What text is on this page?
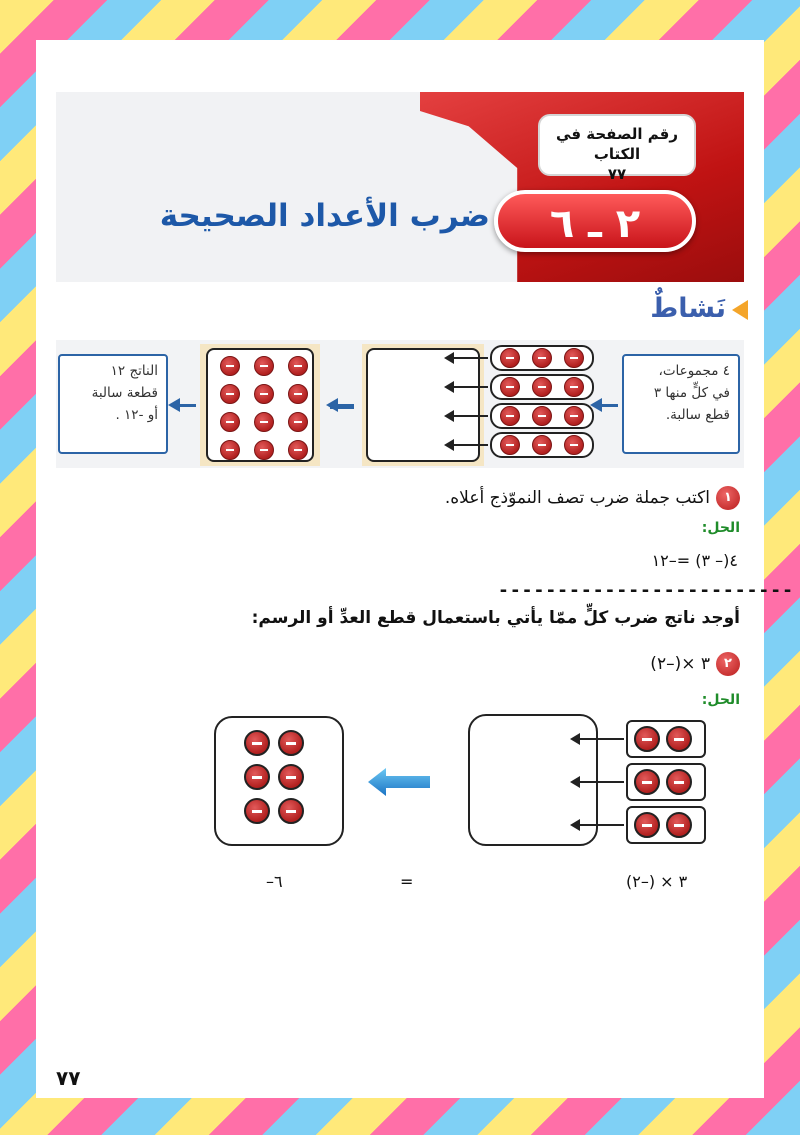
رقم الصفحة في الكتاب
٧٧
٢ ـ ٦
ضرب الأعداد الصحيحة
نَشاطٌ
الناتج ١٢
قطعة سالبة
أو -١٢ .
٤ مجموعات،
في كلٍّ منها ٣
قطع سالبة.
١اكتب جملة ضرب تصف النموّذج أعلاه.
الحل:
٤(– ٣) =–١٢
-------------------------
أوجد ناتج ضرب كلٍّ ممّا يأتي باستعمال قطع العدِّ أو الرسم:
٢٣ ×(–٢)
الحل:
٣ × (–٢)
=
–٦
٧٧
